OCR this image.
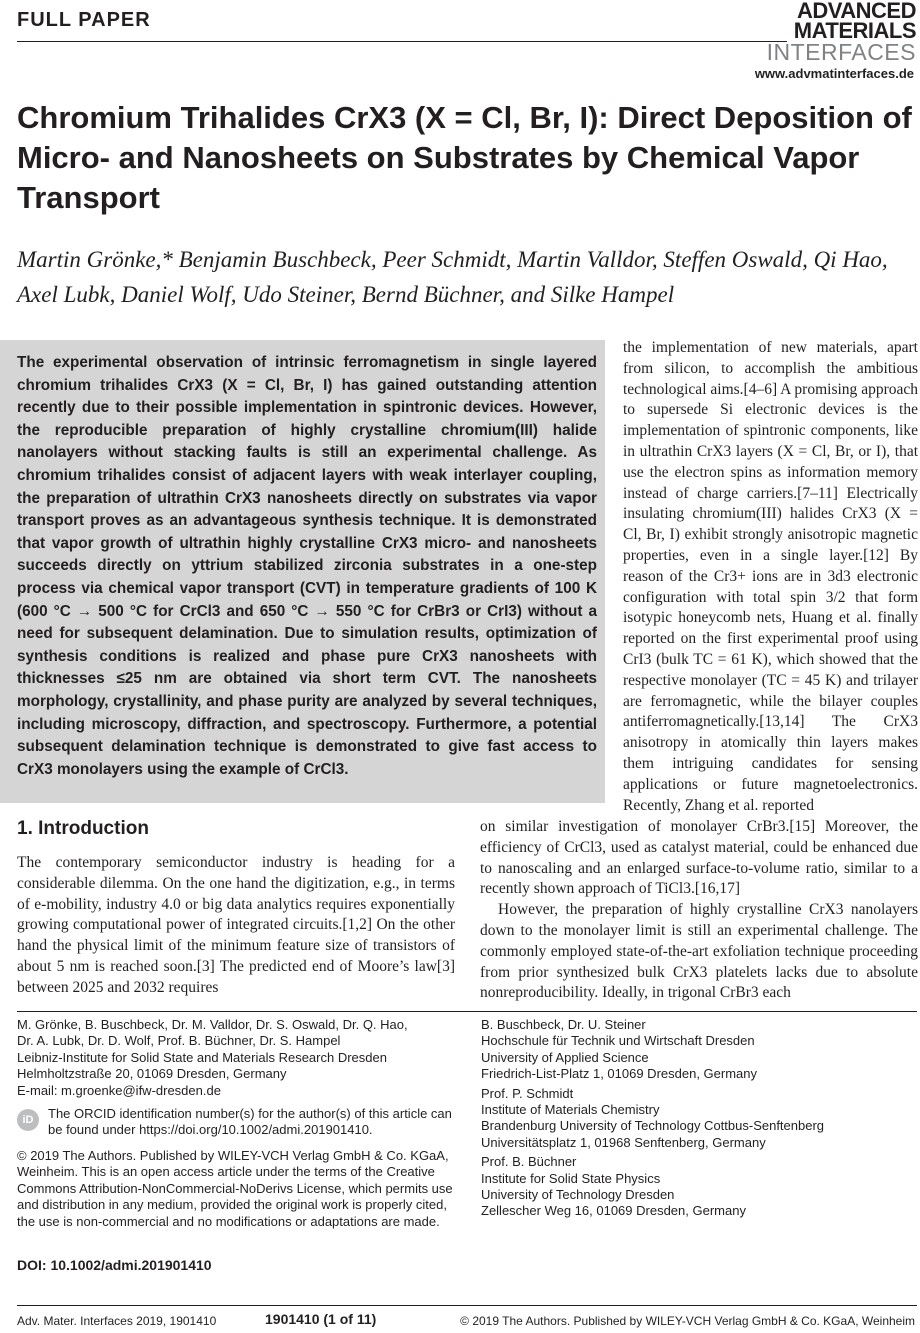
FULL PAPER	ADVANCED
MATERIALS
INTERFACES
www.advmatinterfaces.de
Chromium Trihalides CrX3 (X = Cl, Br, I): Direct Deposition of Micro- and Nanosheets on Substrates by Chemical Vapor Transport
Martin Grönke,* Benjamin Buschbeck, Peer Schmidt, Martin Valldor, Steffen Oswald, Qi Hao, Axel Lubk, Daniel Wolf, Udo Steiner, Bernd Büchner, and Silke Hampel
The experimental observation of intrinsic ferromagnetism in single layered chromium trihalides CrX3 (X = Cl, Br, I) has gained outstanding attention recently due to their possible implementation in spintronic devices. However, the reproducible preparation of highly crystalline chromium(III) halide nanolayers without stacking faults is still an experimental challenge. As chromium trihalides consist of adjacent layers with weak interlayer coupling, the preparation of ultrathin CrX3 nanosheets directly on substrates via vapor transport proves as an advantageous synthesis technique. It is demonstrated that vapor growth of ultrathin highly crystalline CrX3 micro- and nanosheets succeeds directly on yttrium stabilized zirconia substrates in a one-step process via chemical vapor transport (CVT) in temperature gradients of 100 K (600 °C → 500 °C for CrCl3 and 650 °C → 550 °C for CrBr3 or CrI3) without a need for subsequent delamination. Due to simulation results, optimization of synthesis conditions is realized and phase pure CrX3 nanosheets with thicknesses ≤25 nm are obtained via short term CVT. The nanosheets morphology, crystallinity, and phase purity are analyzed by several techniques, including microscopy, diffraction, and spectroscopy. Furthermore, a potential subsequent delamination technique is demonstrated to give fast access to CrX3 monolayers using the example of CrCl3.
the implementation of new materials, apart from silicon, to accomplish the ambitious technological aims.[4–6] A promising approach to supersede Si electronic devices is the implementation of spintronic components, like in ultrathin CrX3 layers (X = Cl, Br, or I), that use the electron spins as information memory instead of charge carriers.[7–11] Electrically insulating chromium(III) halides CrX3 (X = Cl, Br, I) exhibit strongly anisotropic magnetic properties, even in a single layer.[12] By reason of the Cr3+ ions are in 3d3 electronic configuration with total spin 3/2 that form isotypic honeycomb nets, Huang et al. finally reported on the first experimental proof using CrI3 (bulk TC = 61 K), which showed that the respective monolayer (TC = 45 K) and trilayer are ferromagnetic, while the bilayer couples antiferromagnetically.[13,14] The CrX3 anisotropy in atomically thin layers makes them intriguing candidates for sensing applications or future magnetoelectronics. Recently, Zhang et al. reported

on similar investigation of monolayer CrBr3.[15] Moreover, the efficiency of CrCl3, used as catalyst material, could be enhanced due to nanoscaling and an enlarged surface-to-volume ratio, similar to a recently shown approach of TiCl3.[16,17]

However, the preparation of highly crystalline CrX3 nanolayers down to the monolayer limit is still an experimental challenge. The commonly employed state-of-the-art exfoliation technique proceeding from prior synthesized bulk CrX3 platelets lacks due to absolute nonreproducibility. Ideally, in trigonal CrBr3 each

1. Introduction
The contemporary semiconductor industry is heading for a considerable dilemma. On the one hand the digitization, e.g., in terms of e-mobility, industry 4.0 or big data analytics requires exponentially growing computational power of integrated circuits.[1,2] On the other hand the physical limit of the minimum feature size of transistors of about 5 nm is reached soon.[3] The predicted end of Moore’s law[3] between 2025 and 2032 requires
M. Grönke, B. Buschbeck, Dr. M. Valldor, Dr. S. Oswald, Dr. Q. Hao,
Dr. A. Lubk, Dr. D. Wolf, Prof. B. Büchner, Dr. S. Hampel
Leibniz-Institute for Solid State and Materials Research Dresden
Helmholtzstraße 20, 01069 Dresden, Germany
E-mail: m.groenke@ifw-dresden.de
iD	The ORCID identification number(s) for the author(s) of this article can be found under https://doi.org/10.1002/admi.201901410.
© 2019 The Authors. Published by WILEY-VCH Verlag GmbH & Co. KGaA, Weinheim. This is an open access article under the terms of the Creative Commons Attribution-NonCommercial-NoDerivs License, which permits use and distribution in any medium, provided the original work is properly cited, the use is non-commercial and no modifications or adaptations are made.
DOI: 10.1002/admi.201901410
B. Buschbeck, Dr. U. Steiner
Hochschule für Technik und Wirtschaft Dresden
University of Applied Science
Friedrich-List-Platz 1, 01069 Dresden, Germany
Prof. P. Schmidt
Institute of Materials Chemistry
Brandenburg University of Technology Cottbus-Senftenberg
Universitätsplatz 1, 01968 Senftenberg, Germany
Prof. B. Büchner
Institute for Solid State Physics
University of Technology Dresden
Zellescher Weg 16, 01069 Dresden, Germany
Adv. Mater. Interfaces 2019, 1901410	1901410 (1 of 11)	© 2019 The Authors. Published by WILEY-VCH Verlag GmbH & Co. KGaA, Weinheim
